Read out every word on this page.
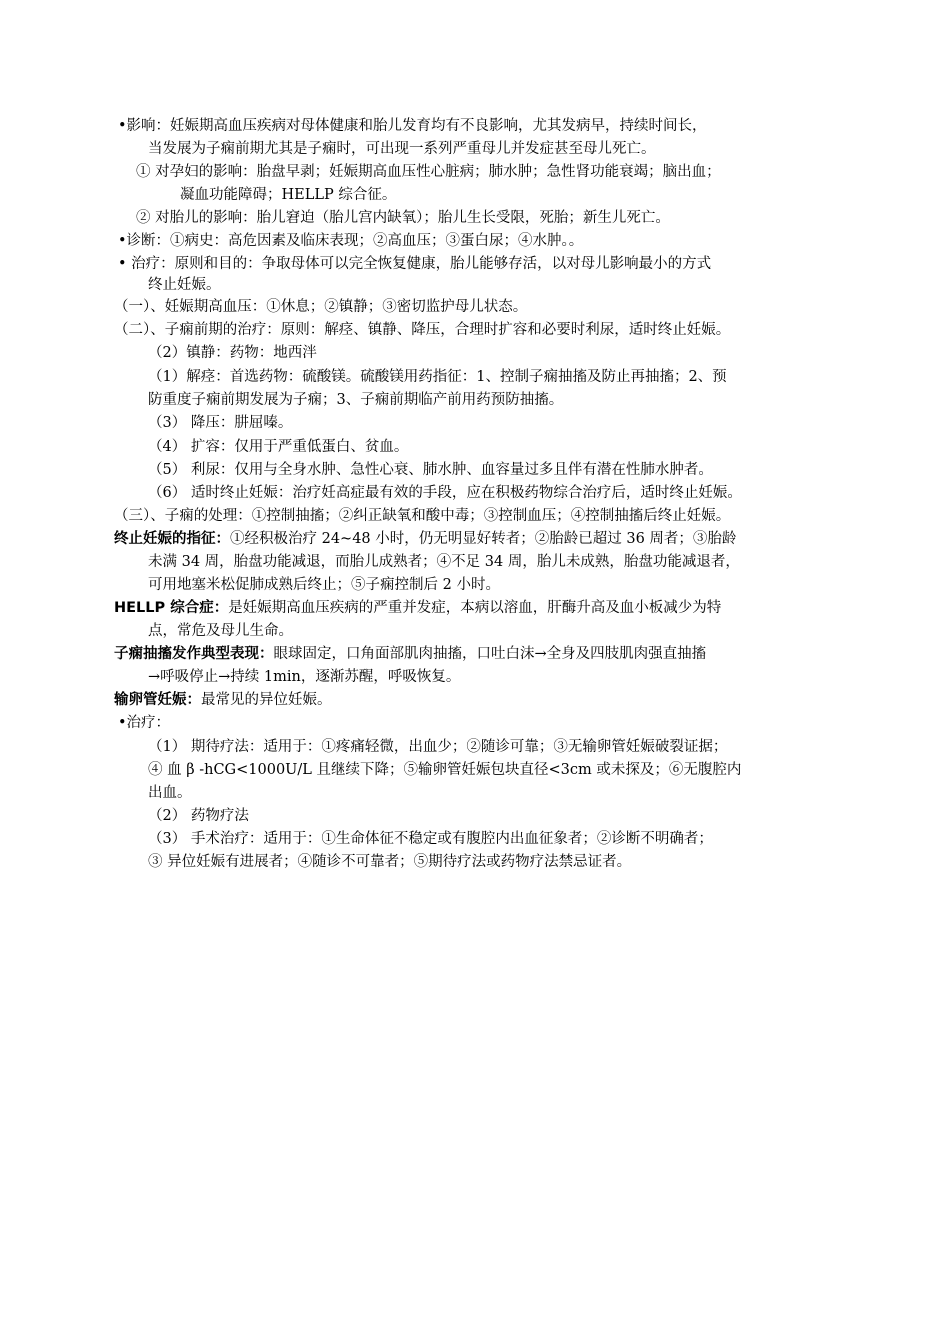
•影响：妊娠期高血压疾病对母体健康和胎儿发育均有不良影响，尤其发病早，持续时间长，
当发展为子痫前期尤其是子痫时，可出现一系列严重母儿并发症甚至母儿死亡。
① 对孕妇的影响：胎盘早剥；妊娠期高血压性心脏病；肺水肿；急性肾功能衰竭；脑出血；
凝血功能障碍；HELLP 综合征。
② 对胎儿的影响：胎儿窘迫（胎儿宫内缺氧）；胎儿生长受限，死胎；新生儿死亡。
•诊断：①病史：高危因素及临床表现；②高血压；③蛋白尿；④水肿。。
• 治疗：原则和目的：争取母体可以完全恢复健康，胎儿能够存活，以对母儿影响最小的方式
终止妊娠。
（一）、妊娠期高血压：①休息；②镇静；③密切监护母儿状态。
（二）、子痫前期的治疗：原则：解痉、镇静、降压，合理时扩容和必要时利尿，适时终止妊娠。
（2）镇静：药物：地西泮
（1）解痉：首选药物：硫酸镁。硫酸镁用药指征：1、控制子痫抽搐及防止再抽搐；2、预
防重度子痫前期发展为子痫；3、子痫前期临产前用药预防抽搐。
（3） 降压：肼屈嗪。
（4） 扩容：仅用于严重低蛋白、贫血。
（5） 利尿：仅用与全身水肿、急性心衰、肺水肿、血容量过多且伴有潜在性肺水肿者。
（6） 适时终止妊娠：治疗妊高症最有效的手段，应在积极药物综合治疗后，适时终止妊娠。
（三）、子痫的处理：①控制抽搐；②纠正缺氧和酸中毒；③控制血压；④控制抽搐后终止妊娠。
终止妊娠的指征：①经积极治疗 24~48 小时，仍无明显好转者；②胎龄已超过 36 周者；③胎龄
未满 34 周，胎盘功能减退，而胎儿成熟者；④不足 34 周，胎儿未成熟，胎盘功能减退者，
可用地塞米松促肺成熟后终止；⑤子痫控制后 2 小时。
HELLP 综合症：是妊娠期高血压疾病的严重并发症，本病以溶血，肝酶升高及血小板减少为特
点，常危及母儿生命。
子痫抽搐发作典型表现：眼球固定，口角面部肌肉抽搐，口吐白沫→全身及四肢肌肉强直抽搐
→呼吸停止→持续 1min，逐渐苏醒，呼吸恢复。
输卵管妊娠：最常见的异位妊娠。
•治疗：
（1） 期待疗法：适用于：①疼痛轻微，出血少；②随诊可靠；③无输卵管妊娠破裂证据；
④ 血 β -hCG<1000U/L 且继续下降；⑤输卵管妊娠包块直径<3cm 或未探及；⑥无腹腔内
出血。
（2） 药物疗法
（3） 手术治疗：适用于：①生命体征不稳定或有腹腔内出血征象者；②诊断不明确者；
③ 异位妊娠有进展者；④随诊不可靠者；⑤期待疗法或药物疗法禁忌证者。
